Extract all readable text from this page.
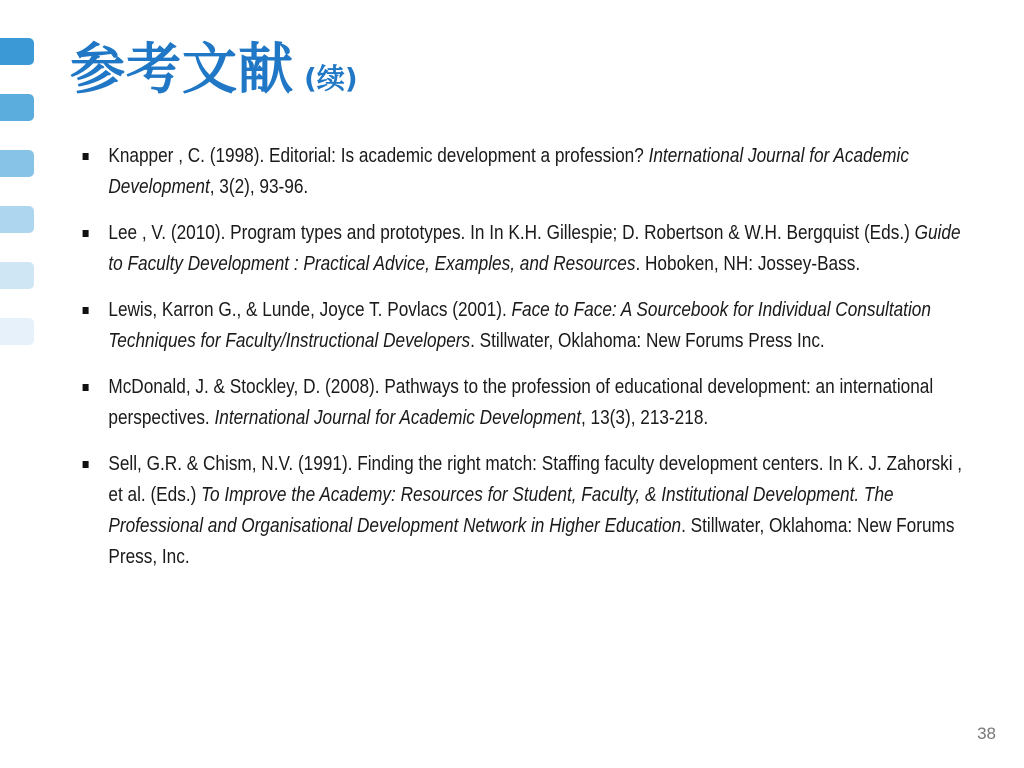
参考文献 (续)
Knapper , C. (1998). Editorial: Is academic development a profession? International Journal for Academic Development, 3(2), 93-96.
Lee , V. (2010). Program types and prototypes. In In K.H. Gillespie; D. Robertson & W.H. Bergquist (Eds.) Guide to Faculty Development : Practical Advice, Examples, and Resources. Hoboken, NH: Jossey-Bass.
Lewis, Karron G., & Lunde, Joyce T. Povlacs (2001). Face to Face: A Sourcebook for Individual Consultation Techniques for Faculty/Instructional Developers. Stillwater, Oklahoma: New Forums Press Inc.
McDonald, J. & Stockley, D. (2008). Pathways to the profession of educational development: an international perspectives. International Journal for Academic Development, 13(3), 213-218.
Sell, G.R. & Chism, N.V. (1991). Finding the right match: Staffing faculty development centers. In K. J. Zahorski , et al. (Eds.) To Improve the Academy: Resources for Student, Faculty, & Institutional Development. The Professional and Organisational Development Network in Higher Education. Stillwater, Oklahoma: New Forums Press, Inc.
38
